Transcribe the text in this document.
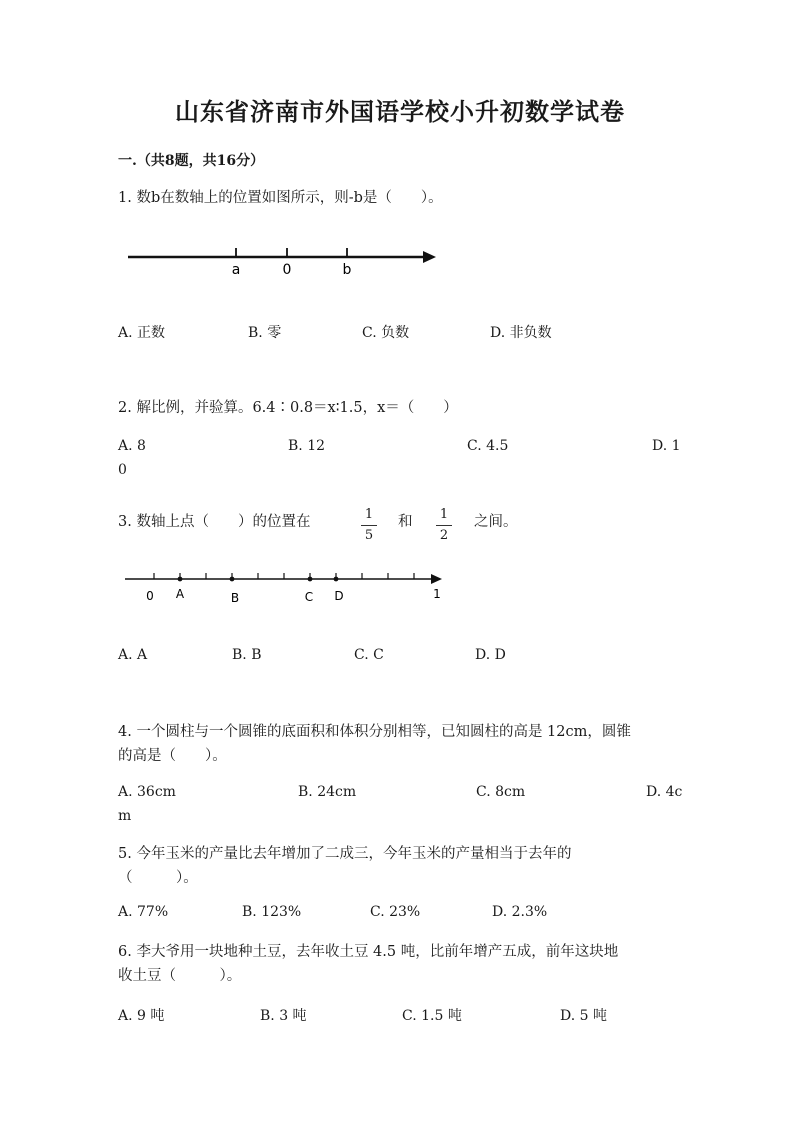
山东省济南市外国语学校小升初数学试卷
一.（共8题，共16分）
1. 数b在数轴上的位置如图所示，则-b是（　　）。
a	0	b
A. 正数	B. 零	C. 负数	D. 非负数
2. 解比例，并验算。6.4∶0.8＝x∶1.5，x＝（　　）
A. 8	B. 12	C. 4.5	D. 1
0
3. 数轴上点（　　）的位置在	1
5
和 1
2
之间。
0 A	B	C D	1
A. A	B. B	C. C	D. D
4. 一个圆柱与一个圆锥的底面积和体积分别相等，已知圆柱的高是 12cm，圆锥
的高是（　　）。
A. 36cm	B. 24cm	C. 8cm	D. 4c
m
5. 今年玉米的产量比去年增加了二成三，今年玉米的产量相当于去年的
（　　　）。
A. 77%	B. 123%	C. 23%	D. 2.3%
6. 李大爷用一块地种土豆，去年收土豆 4.5 吨，比前年增产五成，前年这块地
收土豆（　　　）。
A. 9 吨	B. 3 吨	C. 1.5 吨	D. 5 吨
